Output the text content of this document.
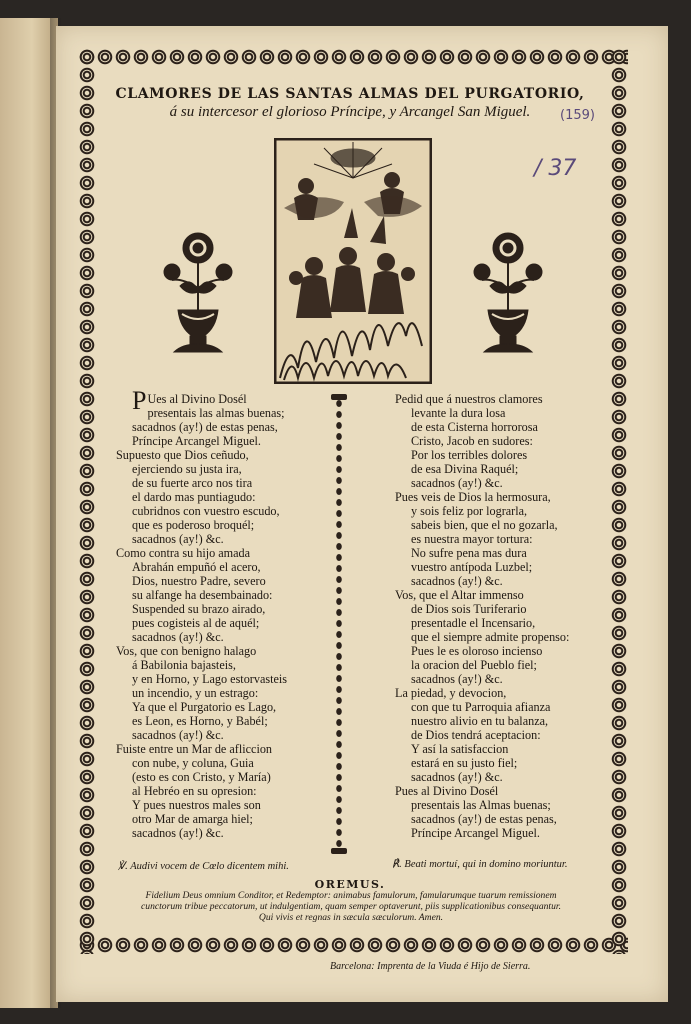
CLAMORES DE LAS SANTAS ALMAS DEL PURGATORIO,
á su intercesor el glorioso Príncipe, y Arcangel San Miguel.	(159)
/ 37
P Ues al Divino Dosél
presentais las almas buenas;
sacadnos (ay!) de estas penas,
Príncipe Arcangel Miguel.
Supuesto que Dios ceñudo,
ejerciendo su justa ira,
de su fuerte arco nos tira
el dardo mas puntiagudo:
cubridnos con vuestro escudo,
que es poderoso broquél;
sacadnos (ay!) &c.
Como contra su hijo amada
Abrahán empuñó el acero,
Dios, nuestro Padre, severo
su alfange ha desembainado:
Suspended su brazo airado,
pues cogisteis al de aquél;
sacadnos (ay!) &c.
Vos, que con benigno halago
á Babilonia bajasteis,
y en Horno, y Lago estorvasteis
un incendio, y un estrago:
Ya que el Purgatorio es Lago,
es Leon, es Horno, y Babél;
sacadnos (ay!) &c.
Fuiste entre un Mar de afliccion
con nube, y coluna, Guia
(esto es con Cristo, y María)
al Hebréo en su opresion:
Y pues nuestros males son
otro Mar de amarga hiel;
sacadnos (ay!) &c.
Pedid que á nuestros clamores
levante la dura losa
de esta Cisterna horrorosa
Cristo, Jacob en sudores:
Por los terribles dolores
de esa Divina Raquél;
sacadnos (ay!) &c.
Pues veis de Dios la hermosura,
y sois feliz por lograrla,
sabeis bien, que el no gozarla,
es nuestra mayor tortura:
No sufre pena mas dura
vuestro antípoda Luzbel;
sacadnos (ay!) &c.
Vos, que el Altar immenso
de Dios sois Turiferario
presentadle el Incensario,
que el siempre admite propenso:
Pues le es oloroso incienso
la oracion del Pueblo fiel;
sacadnos (ay!) &c.
La piedad, y devocion,
con que tu Parroquia afianza
nuestro alivio en tu balanza,
de Dios tendrá aceptacion:
Y así la satisfaccion
estará en su justo fiel;
sacadnos (ay!) &c.
Pues al Divino Dosél
presentais las Almas buenas;
sacadnos (ay!) de estas penas,
Príncipe Arcangel Miguel.
℣. Audivi vocem de Cœlo dicentem mihi.	℟. Beati mortuí, qui in domino moriuntur.
OREMUS.
Fidelium Deus omnium Conditor, et Redemptor: animabus famulorum, famularumque tuarum remissionem
cunctorum tribue peccatorum, ut indulgentiam, quam semper optaverunt, piis supplicationibus consequantur.
Qui vivis et regnas in sæcula sæculorum. Amen.
Barcelona: Imprenta de la Viuda é Hijo de Sierra.
